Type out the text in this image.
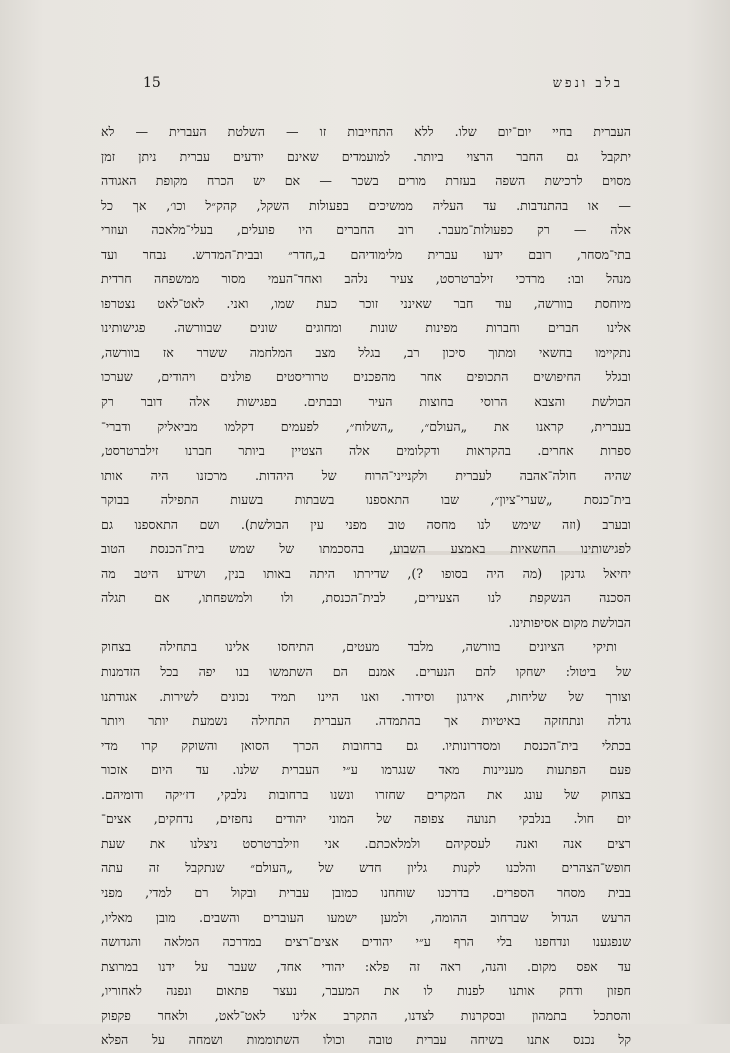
בלב ונפש
15
העברית בחיי יום־יום שלו. ללא התחייבות זו — השלטת העברית — לא
יתקבל גם החבר הרצוי ביותר. למועמדים שאינם יודעים עברית ניתן זמן
מסוים לרכישת השפה בעזרת מורים בשכר — אם יש הכרח מקופת האגודה
— או בהתנדבות. עד העליה ממשיכים בפעולות השקל, קהק״ל וכו׳, אך כל
אלה — רק כפעולות־מעבר. רוב החברים היו פועלים, בעלי־מלאכה ועוזרי
בתי־מסחר, רובם ידעו עברית מלימודיהם ב„חדר״ ובבית־המדרש. נבחר ועד
מנהל ובו: מרדכי זילברטרסט, צעיר נלהב ואחד־העמי מסור ממשפחה חרדית
מיוחסת בוורשה, עוד חבר שאינני זוכר כעת שמו, ואני. לאט־לאט נצטרפו
אלינו חברים וחברות מפינות שונות ומחוגים שונים שבוורשה. פגישותינו
נתקיימו בחשאי ומתוך סיכון רב, בגלל מצב המלחמה ששרר אז בוורשה,
ובגלל החיפושים התכופים אחר מהפכנים טרוריסטים פולנים ויהודים, שערכו
הבולשת והצבא הרוסי בחוצות העיר ובבתים. בפגישות אלה דובר רק
בעברית, קראנו את „העולם״, „השלוח״, לפעמים דקלמו מביאליק ודברי־
ספרות אחרים. בהקראות ודקלומים אלה הצטיין ביותר חברנו זילברטרסט,
שהיה חולה־אהבה לעברית ולקנייני־הרוח של היהדות. מרכזנו היה אותו
בית־כנסת „שערי־ציון״, שבו התאספנו בשבתות בשעות התפילה בבוקר
ובערב (וזה שימש לנו מחסה טוב מפני עין הבולשת). ושם התאספנו גם
לפגישותינו החשאיות באמצע השבוע, בהסכמתו של שמש בית־הכנסת הטוב
יחיאל גדנקן (מה היה בסופו ?), שדירתו היתה באותו בנין, ושידע היטב מה
הסכנה הנשקפת לנו הצעירים, לבית־הכנסת, ולו ולמשפחתו, אם תגלה
הבולשת מקום אסיפותינו.
ותיקי הציונים בוורשה, מלבד מעטים, התיחסו אלינו בתחילה בצחוק
של ביטול: ישחקו להם הנערים. אמנם הם השתמשו בנו יפה בכל הזדמנות
וצורך של שליחות, אירגון וסידור. ואנו היינו תמיד נכונים לשירות. אגודתנו
גדלה ונתחזקה באיטיות אך בהתמדה. העברית התחילה נשמעת יותר ויותר
בכתלי בית־הכנסת ומסדרונותיו. גם ברחובות הכרך הסואן והשוקק קרו מדי
פעם הפתעות מעניינות מאד שנגרמו ע״י העברית שלנו. עד היום אזכור
בצחוק של עונג את המקרים שחזרו ונשנו ברחובות נלבקי, דז׳יקה ודומיהם.
יום חול. בנלבקי תנועה צפופה של המוני יהודים נחפזים, נדחקים, אצים־
רצים אנה ואנה לעסקיהם ולמלאכתם. אני וזילברטרסט ניצלנו את שעת
חופש־הצהרים והלכנו לקנות גליון חדש של „העולם״ שנתקבל זה עתה
בבית מסחר הספרים. בדרכנו שוחחנו כמובן עברית ובקול רם למדי, מפני
הרעש הגדול שברחוב ההומה, ולמען ישמעו העוברים והשבים. מובן מאליו,
שנפגענו ונדחפנו בלי הרף ע״י יהודים אצים־רצים במדרכה המלאה והגדושה
עד אפס מקום. והנה, ראה זה פלא: יהודי אחד, שעבר על ידנו במרוצת
חפזון ודחק אותנו לפנות לו את המעבר, נעצר פתאום ונפנה לאחוריו,
והסתכל בתמהון ובסקרנות לצדנו, התקרב אלינו לאט־לאט, ולאחר פקפוק
קל נכנס אתנו בשיחה עברית טובה וכולו השתוממות ושמחה על הפלא
